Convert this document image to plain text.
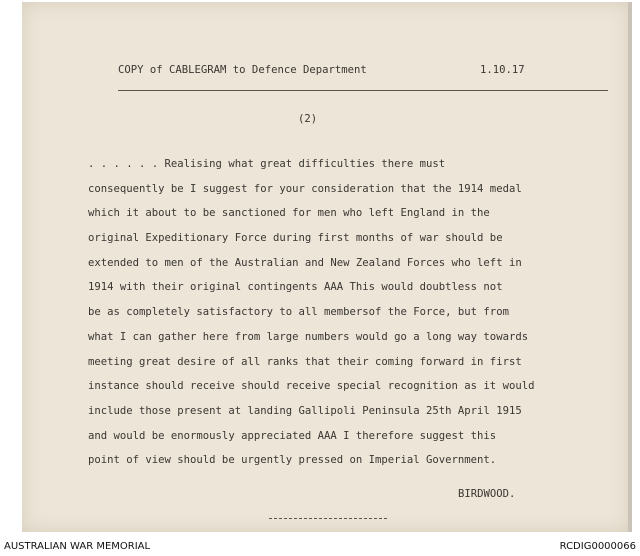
COPY of CABLEGRAM to Defence Department	1.10.17
(2)
. . . . . . Realising what great difficulties there must
consequently be I suggest for your consideration that the 1914 medal
which it about to be sanctioned for men who left England in the
original Expeditionary Force during first months of war should be
extended to men of the Australian and New Zealand Forces who left in
1914 with their original contingents AAA This would doubtless not
be as completely satisfactory to all membersof the Force, but from
what I can gather here from large numbers would go a long way towards
meeting great desire of all ranks that their coming forward in first
instance should receive should receive special recognition as it would
include those present at landing Gallipoli Peninsula 25th April 1915
and would be enormously appreciated AAA I therefore suggest this
point of view should be urgently pressed on Imperial Government.
BIRDWOOD.
AUSTRALIAN WAR MEMORIAL	RCDIG0000066
